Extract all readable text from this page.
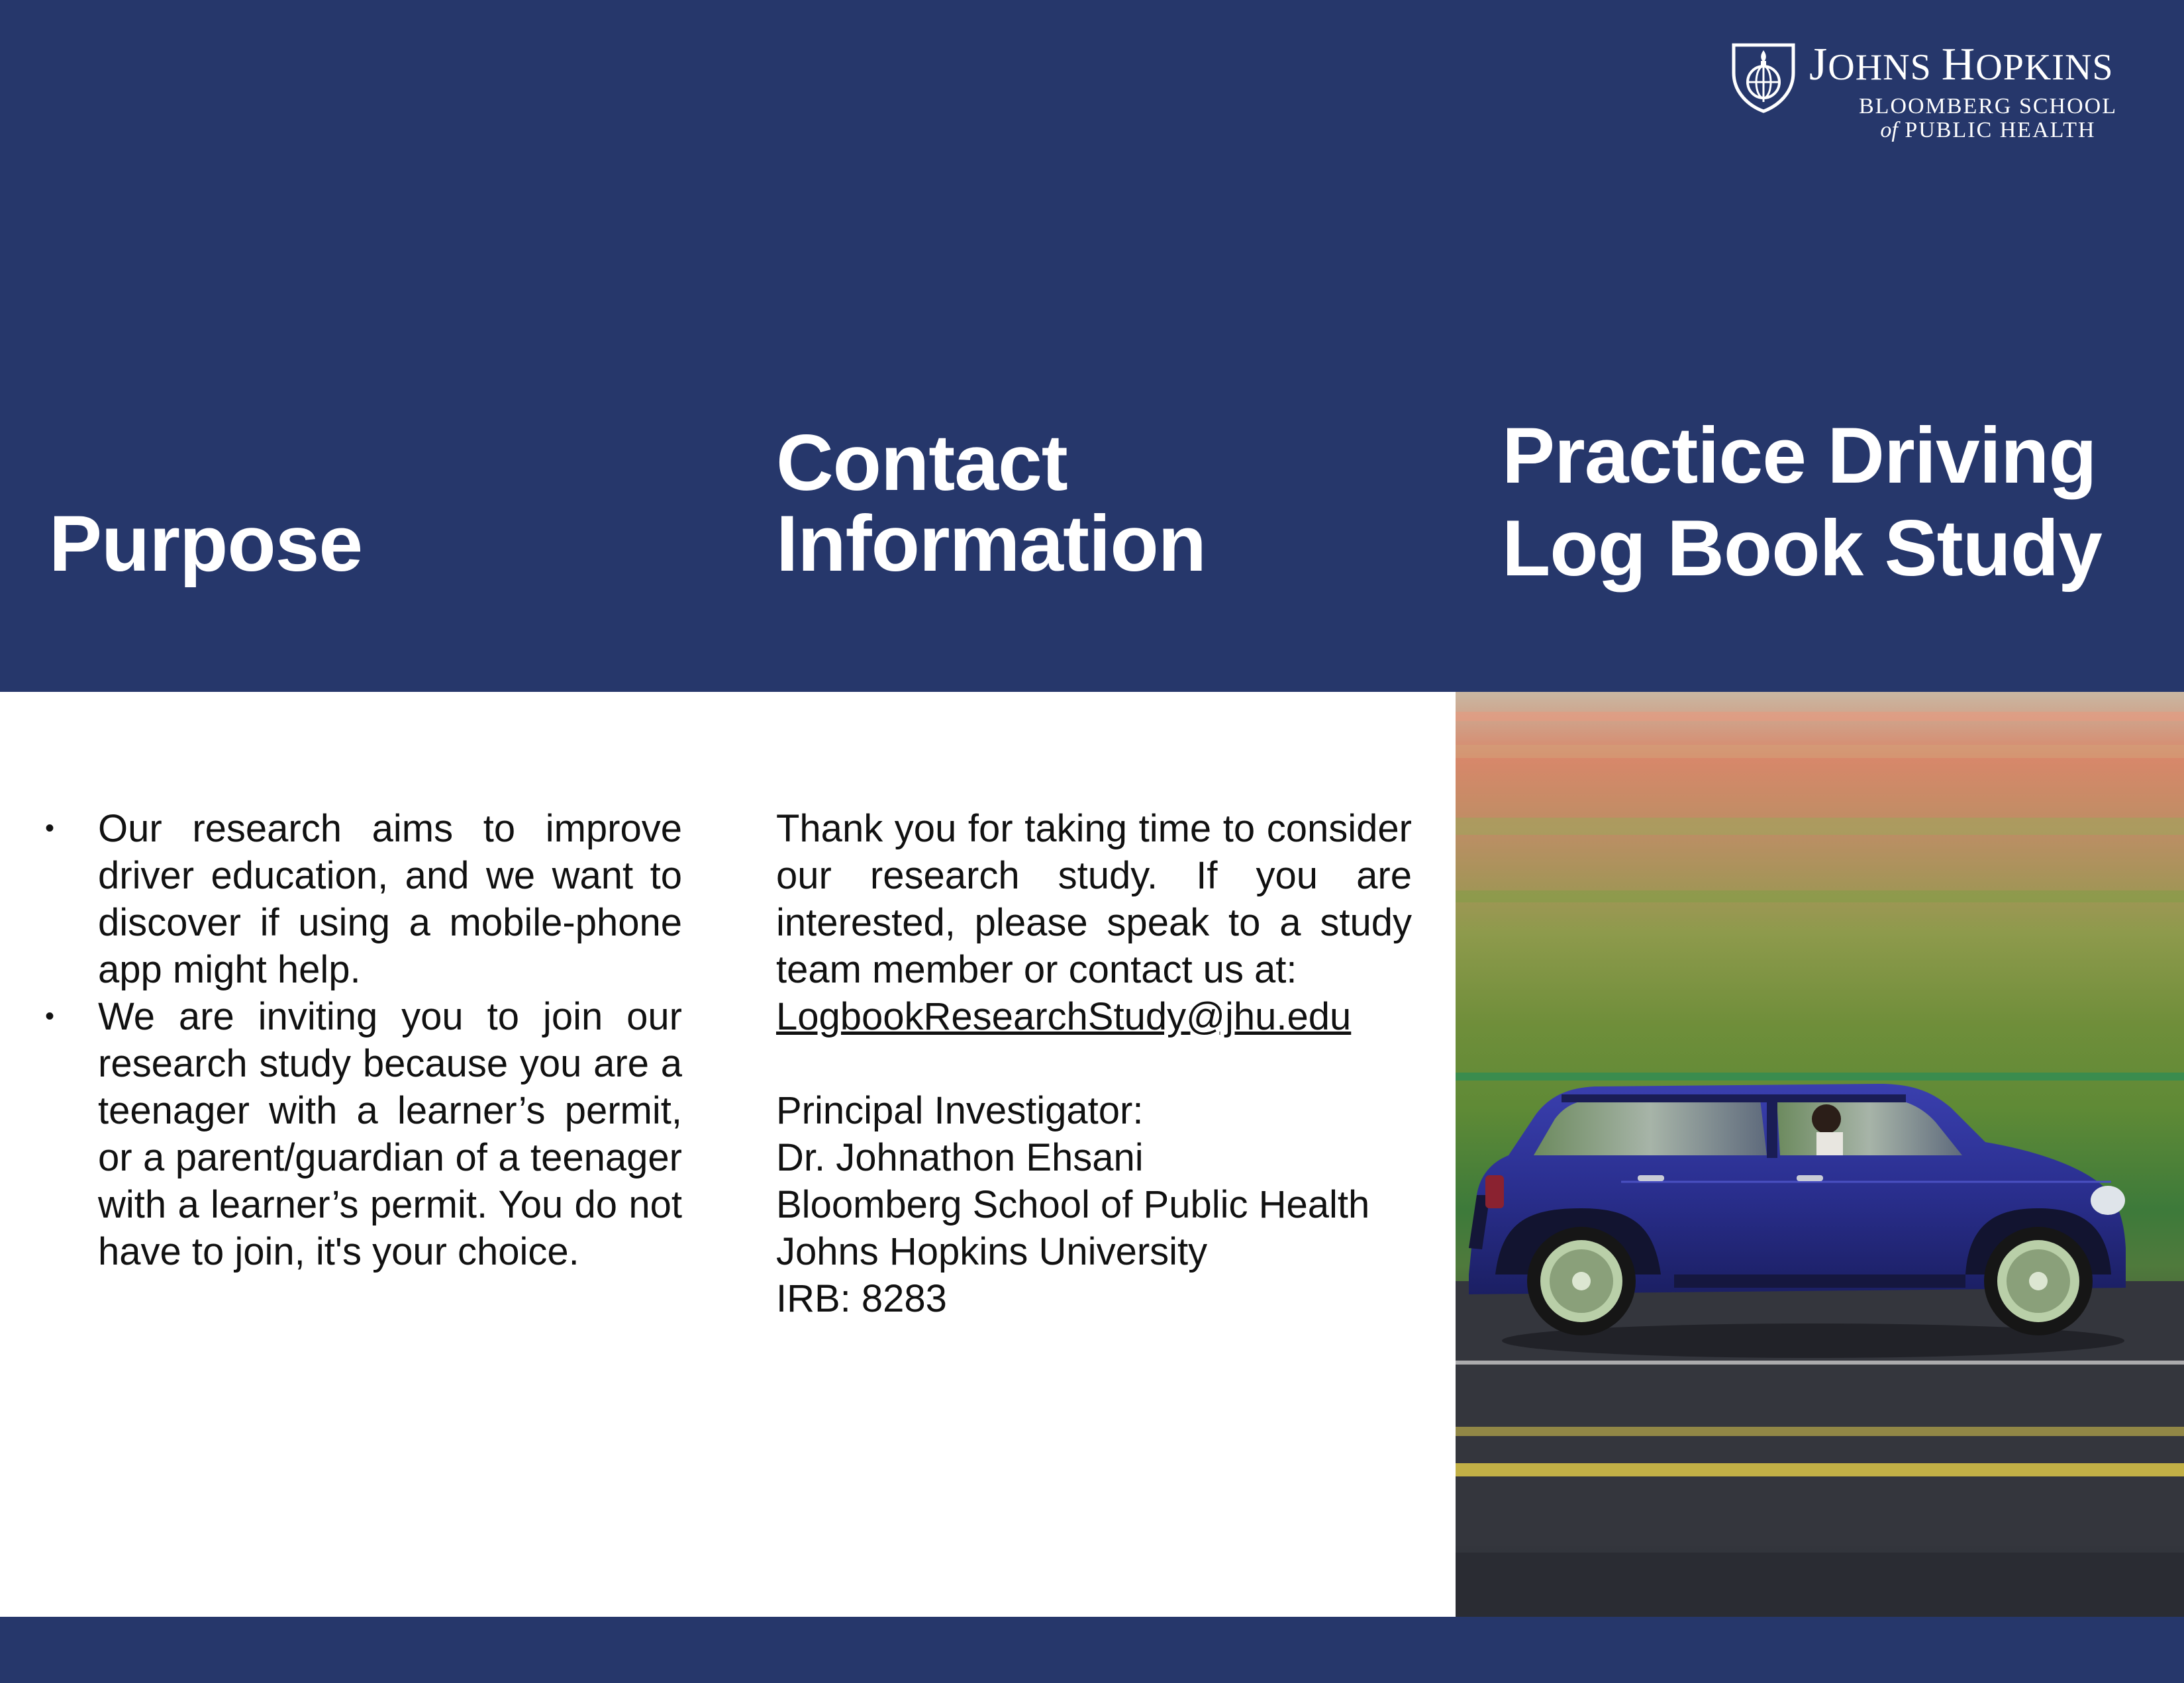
JOHNS HOPKINS
BLOOMBERG SCHOOL
of PUBLIC HEALTH
Purpose
Contact
Information
Practice Driving
Log Book Study
• Our research aims to improve driver education, and we want to discover if using a mobile-phone app might help.
• We are inviting you to join our research study because you are a teenager with a learner’s permit, or a parent/guardian of a teenager with a learner’s permit. You do not have to join, it's your choice.

Thank you for taking time to consider our research study. If you are interested, please speak to a study team member or contact us at:

LogbookResearchStudy@jhu.edu

Principal Investigator:

Dr. Johnathon Ehsani

Bloomberg School of Public Health

Johns Hopkins University

IRB: 8283
